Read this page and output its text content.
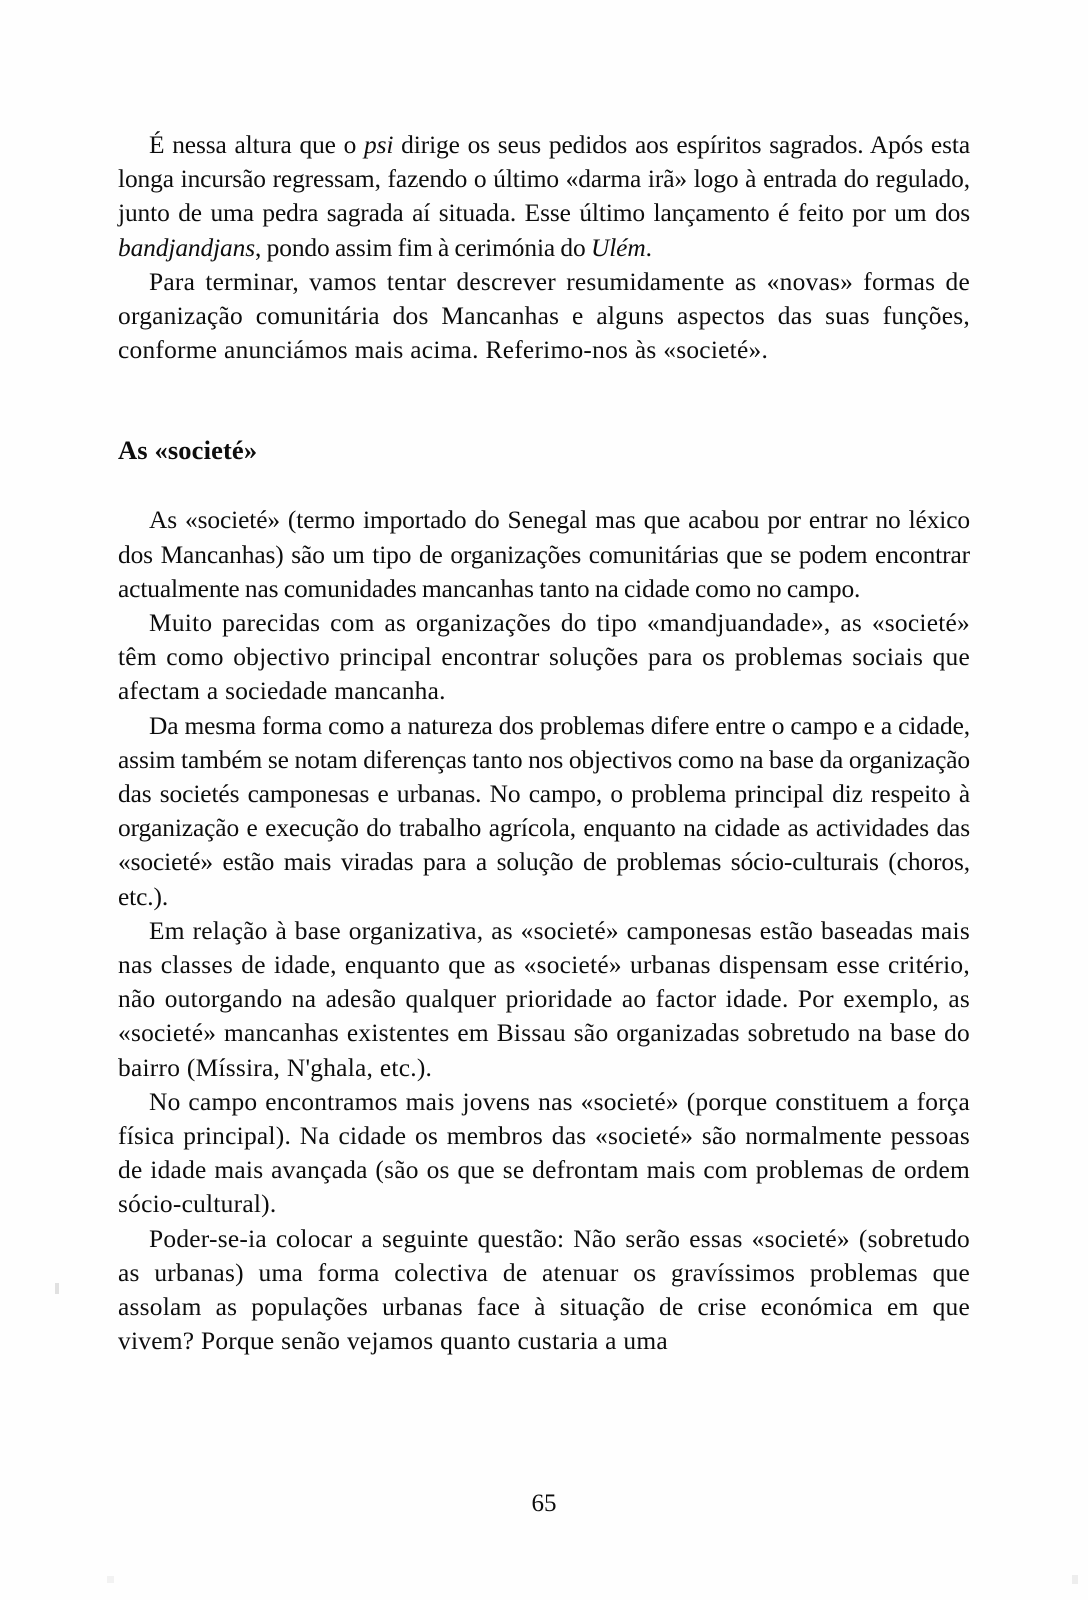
É nessa altura que o psi dirige os seus pedidos aos espíritos sagrados. Após esta longa incursão regressam, fazendo o último «darma irã» logo à entrada do regulado, junto de uma pedra sagrada aí situada. Esse último lançamento é feito por um dos bandjandjans, pondo assim fim à cerimónia do Ulém.

Para terminar, vamos tentar descrever resumidamente as «novas» formas de organização comunitária dos Mancanhas e alguns aspectos das suas funções, conforme anunciámos mais acima. Referimo-nos às «societé».

As «societé»

As «societé» (termo importado do Senegal mas que acabou por entrar no léxico dos Mancanhas) são um tipo de organizações comunitárias que se podem encontrar actualmente nas comunidades mancanhas tanto na cidade como no campo.

Muito parecidas com as organizações do tipo «mandjuandade», as «societé» têm como objectivo principal encontrar soluções para os problemas sociais que afectam a sociedade mancanha.

Da mesma forma como a natureza dos problemas difere entre o campo e a cidade, assim também se notam diferenças tanto nos objectivos como na base da organização das societés camponesas e urbanas. No campo, o problema principal diz respeito à organização e execução do trabalho agrícola, enquanto na cidade as actividades das «societé» estão mais viradas para a solução de problemas sócio-culturais (choros, etc.).

Em relação à base organizativa, as «societé» camponesas estão baseadas mais nas classes de idade, enquanto que as «societé» urbanas dispensam esse critério, não outorgando na adesão qualquer prioridade ao factor idade. Por exemplo, as «societé» mancanhas existentes em Bissau são organizadas sobretudo na base do bairro (Míssira, N'ghala, etc.).

No campo encontramos mais jovens nas «societé» (porque constituem a força física principal). Na cidade os membros das «societé» são normalmente pessoas de idade mais avançada (são os que se defrontam mais com problemas de ordem sócio-cultural).

Poder-se-ia colocar a seguinte questão: Não serão essas «societé» (sobretudo as urbanas) uma forma colectiva de atenuar os gravíssimos problemas que assolam as populações urbanas face à situação de crise económica em que vivem? Porque senão vejamos quanto custaria a uma

65
